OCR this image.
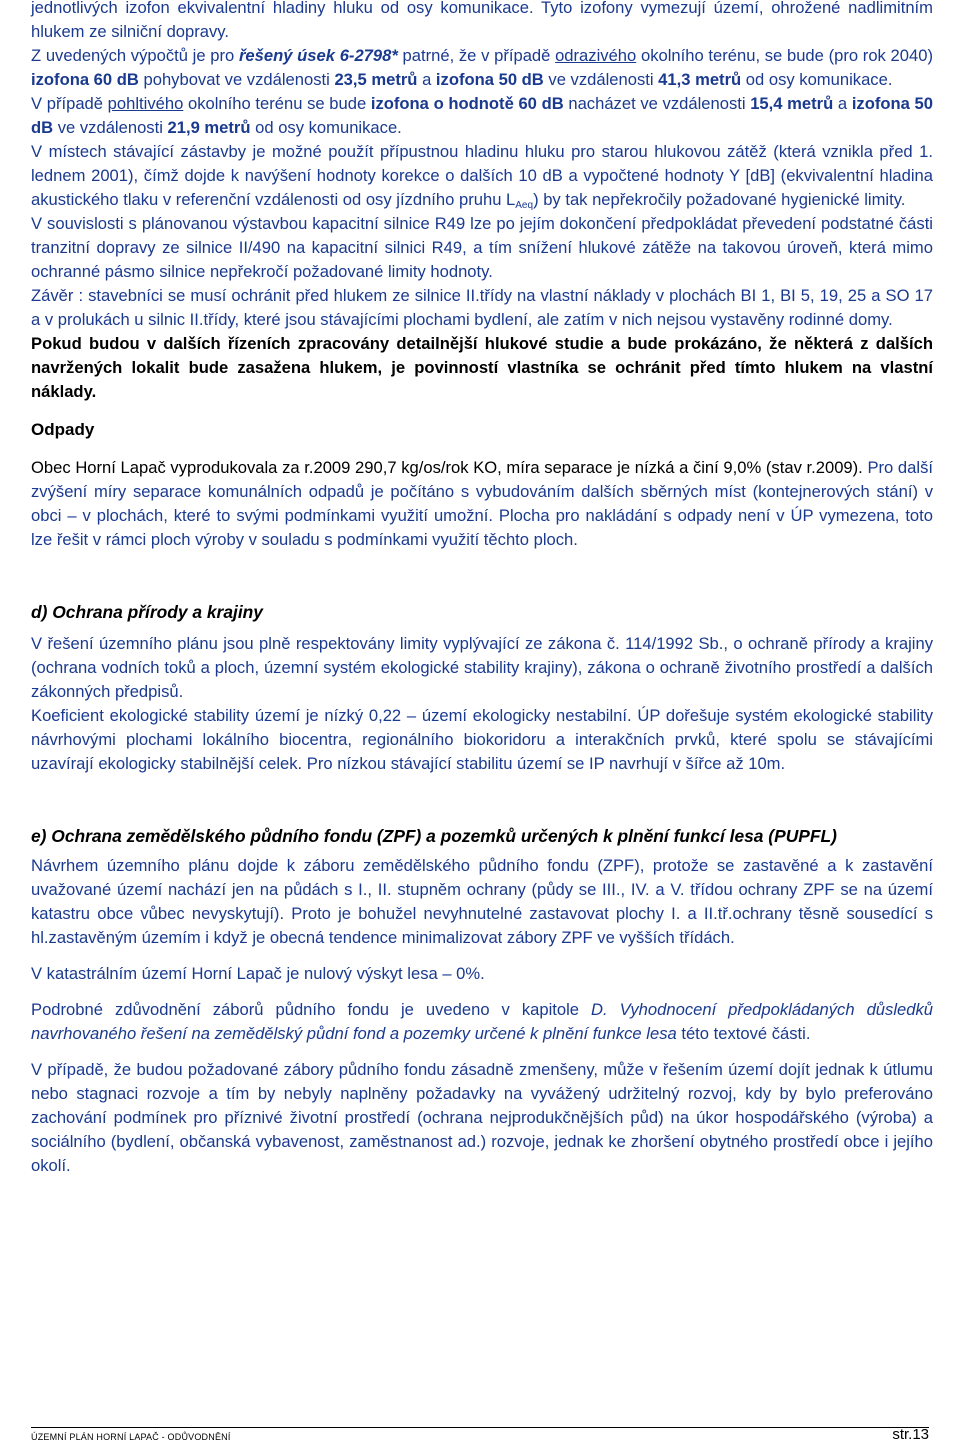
jednotlivých izofon ekvivalentní hladiny hluku od osy komunikace. Tyto izofony vymezují území, ohrožené nadlimitním hlukem ze silniční dopravy.

Z uvedených výpočtů je pro řešený úsek 6-2798* patrné, že v případě odrazivého okolního terénu, se bude (pro rok 2040) izofona 60 dB pohybovat ve vzdálenosti 23,5 metrů a izofona 50 dB ve vzdálenosti 41,3 metrů od osy komunikace.

V případě pohltivého okolního terénu se bude izofona o hodnotě 60 dB nacházet ve vzdálenosti 15,4 metrů a izofona 50 dB ve vzdálenosti 21,9 metrů od osy komunikace.

V místech stávající zástavby je možné použít přípustnou hladinu hluku pro starou hlukovou zátěž (která vznikla před 1. lednem 2001), čímž dojde k navýšení hodnoty korekce o dalších 10 dB a vypočtené hodnoty Y [dB] (ekvivalentní hladina akustického tlaku v referenční vzdálenosti od osy jízdního pruhu $L_{Aeq}$) by tak nepřekročily požadované hygienické limity.

V souvislosti s plánovanou výstavbou kapacitní silnice R49 lze po jejím dokončení předpokládat převedení podstatné části tranzitní dopravy ze silnice II/490 na kapacitní silnici R49, a tím snížení hlukové zátěže na takovou úroveň, která mimo ochranné pásmo silnice nepřekročí požadované limity hodnoty.

Závěr : stavebníci se musí ochránit před hlukem ze silnice II.třídy na vlastní náklady v plochách BI 1, BI 5, 19, 25 a SO 17 a v prolukách u silnic II.třídy, které jsou stávajícími plochami bydlení, ale zatím v nich nejsou vystavěny rodinné domy.

Pokud budou v dalších řízeních zpracovány detailnější hlukové studie a bude prokázáno, že některá z dalších navržených lokalit bude zasažena hlukem, je povinností vlastníka se ochránit před tímto hlukem na vlastní náklady.

Odpady

Obec Horní Lapač vyprodukovala za r.2009 290,7 kg/os/rok KO, míra separace je nízká a činí 9,0% (stav r.2009). Pro další zvýšení míry separace komunálních odpadů je počítáno s vybudováním dalších sběrných míst (kontejnerových stání) v obci – v plochách, které to svými podmínkami využití umožní. Plocha pro nakládání s odpady není v ÚP vymezena, toto lze řešit v rámci ploch výroby v souladu s podmínkami využití těchto ploch.

d) Ochrana přírody a krajiny

V řešení územního plánu jsou plně respektovány limity vyplývající ze zákona č. 114/1992 Sb., o ochraně přírody a krajiny (ochrana vodních toků a ploch, územní systém ekologické stability krajiny), zákona o ochraně životního prostředí a dalších zákonných předpisů.

Koeficient ekologické stability území je nízký 0,22 – území ekologicky nestabilní. ÚP dořešuje systém ekologické stability návrhovými plochami lokálního biocentra, regionálního biokoridoru a interakčních prvků, které spolu se stávajícími uzavírají ekologicky stabilnější celek. Pro nízkou stávající stabilitu území se IP navrhují v šířce až 10m.

e) Ochrana zemědělského půdního fondu (ZPF) a pozemků určených k plnění funkcí lesa (PUPFL)

Návrhem územního plánu dojde k záboru zemědělského půdního fondu (ZPF), protože se zastavěné a k zastavění uvažované území nachází jen na půdách s I., II. stupněm ochrany (půdy se III., IV. a V. třídou ochrany ZPF se na území katastru obce vůbec nevyskytují). Proto je bohužel nevyhnutelné zastavovat plochy I. a II.tř.ochrany těsně sousedící s hl.zastavěným územím i když je obecná tendence minimalizovat zábory ZPF ve vyšších třídách.

V katastrálním území Horní Lapač je nulový výskyt lesa – 0%.

Podrobné zdůvodnění záborů půdního fondu je uvedeno v kapitole D. Vyhodnocení předpokládaných důsledků navrhovaného řešení na zemědělský půdní fond a pozemky určené k plnění funkce lesa této textové části.

V případě, že budou požadované zábory půdního fondu zásadně zmenšeny, může v řešením území dojít jednak k útlumu nebo stagnaci rozvoje a tím by nebyly naplněny požadavky na vyvážený udržitelný rozvoj, kdy by bylo preferováno zachování podmínek pro příznivé životní prostředí (ochrana nejprodukčnějších půd) na úkor hospodářského (výroba) a sociálního (bydlení, občanská vybavenost, zaměstnanost ad.) rozvoje, jednak ke zhoršení obytného prostředí obce i jejího okolí.

ÚZEMNÍ PLÁN HORNÍ LAPAČ - ODŮVODNĚNÍ	str.13
